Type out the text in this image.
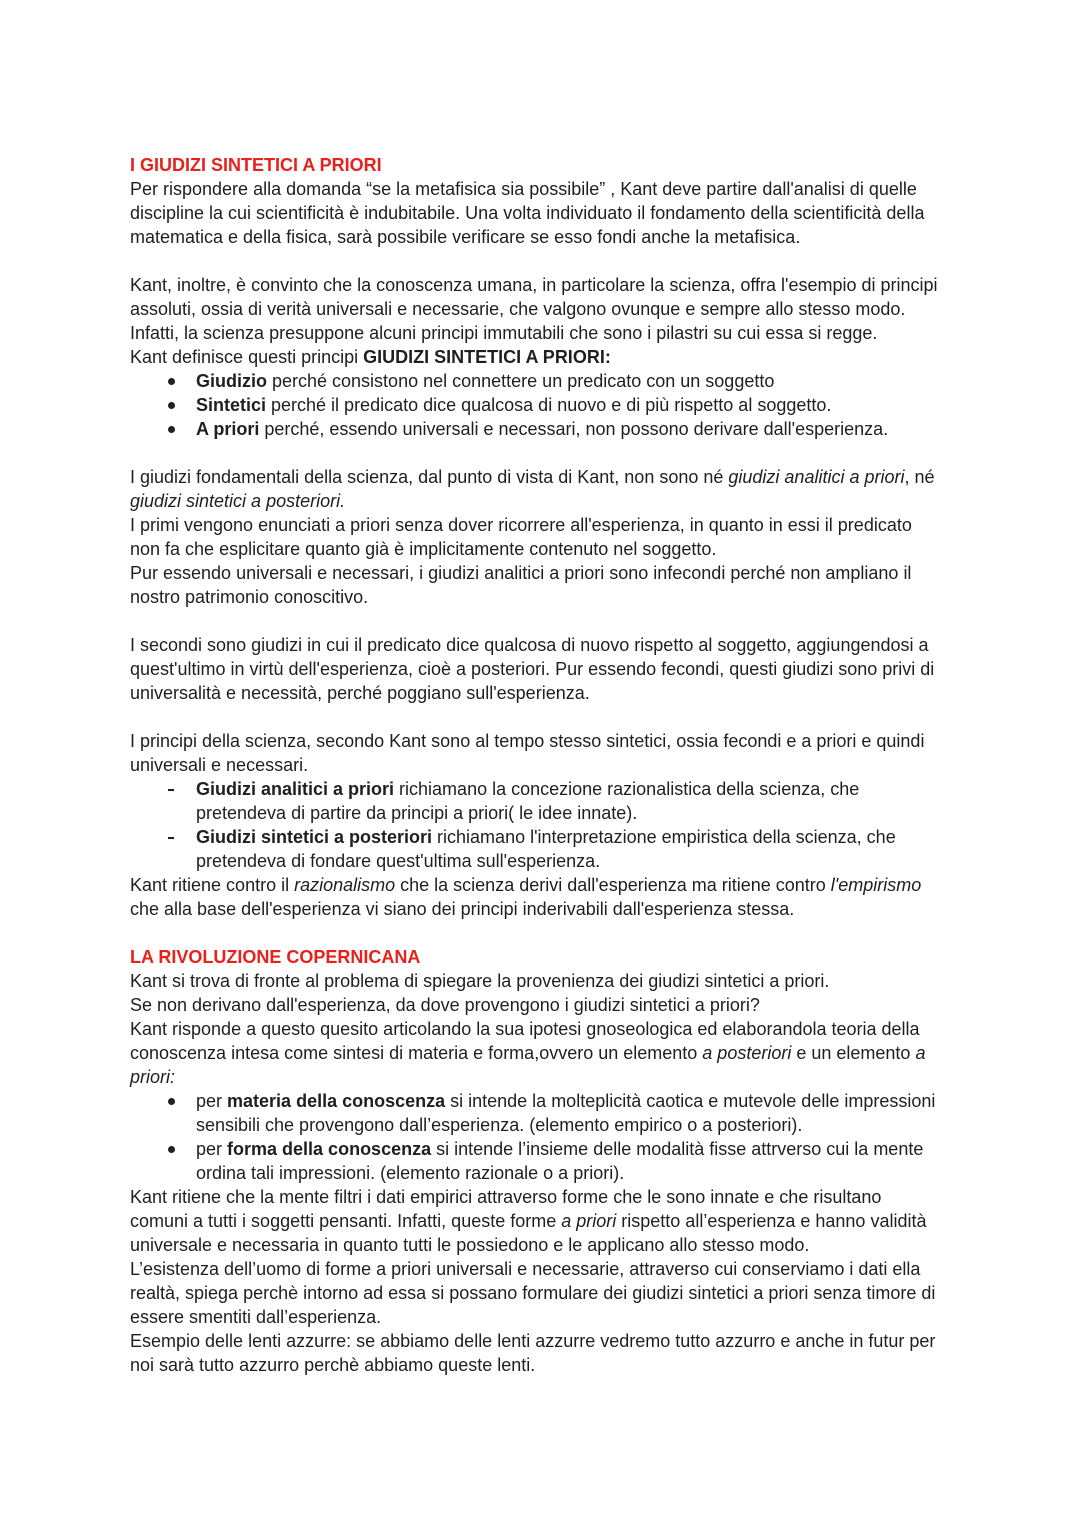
I GIUDIZI SINTETICI A PRIORI
Per rispondere alla domanda “se la metafisica sia possibile” , Kant deve partire dall'analisi di quelle
discipline la cui scientificità è indubitabile. Una volta individuato il fondamento della scientificità della
matematica e della fisica, sarà possibile verificare se esso fondi anche la metafisica.
Kant, inoltre, è convinto che la conoscenza umana, in particolare la scienza, offra l'esempio di principi
assoluti, ossia di verità universali e necessarie, che valgono ovunque e sempre allo stesso modo.
Infatti, la scienza presuppone alcuni principi immutabili che sono i pilastri su cui essa si regge.
Kant definisce questi principi GIUDIZI SINTETICI A PRIORI:
Giudizio perché consistono nel connettere un predicato con un soggetto
Sintetici perché il predicato dice qualcosa di nuovo e di più rispetto al soggetto.
A priori perché, essendo universali e necessari, non possono derivare dall'esperienza.
I giudizi fondamentali della scienza, dal punto di vista di Kant, non sono né giudizi analitici a priori, né
giudizi sintetici a posteriori.
I primi vengono enunciati a priori senza dover ricorrere all'esperienza, in quanto in essi il predicato
non fa che esplicitare quanto già è implicitamente contenuto nel soggetto.
Pur essendo universali e necessari, i giudizi analitici a priori sono infecondi perché non ampliano il
nostro patrimonio conoscitivo.
I secondi sono giudizi in cui il predicato dice qualcosa di nuovo rispetto al soggetto, aggiungendosi a
quest'ultimo in virtù dell'esperienza, cioè a posteriori. Pur essendo fecondi, questi giudizi sono privi di
universalità e necessità, perché poggiano sull'esperienza.
I principi della scienza, secondo Kant sono al tempo stesso sintetici, ossia fecondi e a priori e quindi
universali e necessari.
Giudizi analitici a priori richiamano la concezione razionalistica della scienza, che
pretendeva di partire da principi a priori( le idee innate).
Giudizi sintetici a posteriori richiamano l'interpretazione empiristica della scienza, che
pretendeva di fondare quest'ultima sull'esperienza.
Kant ritiene contro il razionalismo che la scienza derivi dall'esperienza ma ritiene contro l'empirismo
che alla base dell'esperienza vi siano dei principi inderivabili dall'esperienza stessa.
LA RIVOLUZIONE COPERNICANA
Kant si trova di fronte al problema di spiegare la provenienza dei giudizi sintetici a priori.
Se non derivano dall'esperienza, da dove provengono i giudizi sintetici a priori?
Kant risponde a questo quesito articolando la sua ipotesi gnoseologica ed elaborandola teoria della
conoscenza intesa come sintesi di materia e forma,ovvero un elemento a posteriori e un elemento a
priori:
per materia della conoscenza si intende la molteplicità caotica e mutevole delle impressioni
sensibili che provengono dall’esperienza. (elemento empirico o a posteriori).
per forma della conoscenza si intende l’insieme delle modalità fisse attrverso cui la mente
ordina tali impressioni. (elemento razionale o a priori).
Kant ritiene che la mente filtri i dati empirici attraverso forme che le sono innate e che risultano
comuni a tutti i soggetti pensanti. Infatti, queste forme a priori rispetto all’esperienza e hanno validità
universale e necessaria in quanto tutti le possiedono e le applicano allo stesso modo.
L’esistenza dell’uomo di forme a priori universali e necessarie, attraverso cui conserviamo i dati ella
realtà, spiega perchè intorno ad essa si possano formulare dei giudizi sintetici a priori senza timore di
essere smentiti dall’esperienza.
Esempio delle lenti azzurre: se abbiamo delle lenti azzurre vedremo tutto azzurro e anche in futur per
noi sarà tutto azzurro perchè abbiamo queste lenti.
